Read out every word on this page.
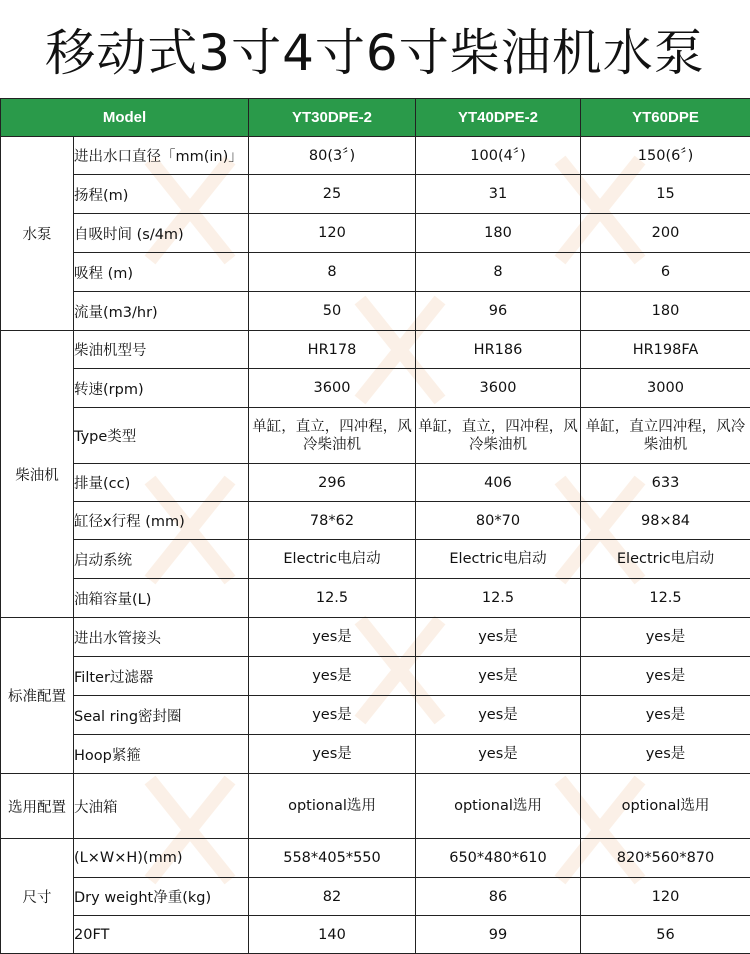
移动式3寸4寸6寸柴油机水泵
Model		YT30DPE-2	YT40DPE-2	YT60DPE
水泵	进出水口直径「mm(in)」	80(3〞)	100(4〞)	150(6〞)
	扬程(m)	25	31	15
	自吸时间 (s/4m)	120	180	200
	吸程 (m)	8	8	6
	流量(m3/hr)	50	96	180
柴油机	柴油机型号	HR178	HR186	HR198FA
	转速(rpm)	3600	3600	3000
	Type类型	单缸，直立，四冲程，风冷柴油机	单缸，直立，四冲程，风冷柴油机	单缸，直立四冲程，风冷柴油机
	排量(cc)	296	406	633
	缸径x行程 (mm)	78*62	80*70	98×84
	启动系统	Electric电启动	Electric电启动	Electric电启动
	油箱容量(L)	12.5	12.5	12.5
标准配置	进出水管接头	yes是	yes是	yes是
	Filter过滤器	yes是	yes是	yes是
	Seal ring密封圈	yes是	yes是	yes是
	Hoop紧箍	yes是	yes是	yes是
选用配置	大油箱	optional选用	optional选用	optional选用
尺寸	(L×W×H)(mm)	558*405*550	650*480*610	820*560*870
	Dry weight净重(kg)	82	86	120
	20FT	140	99	56
